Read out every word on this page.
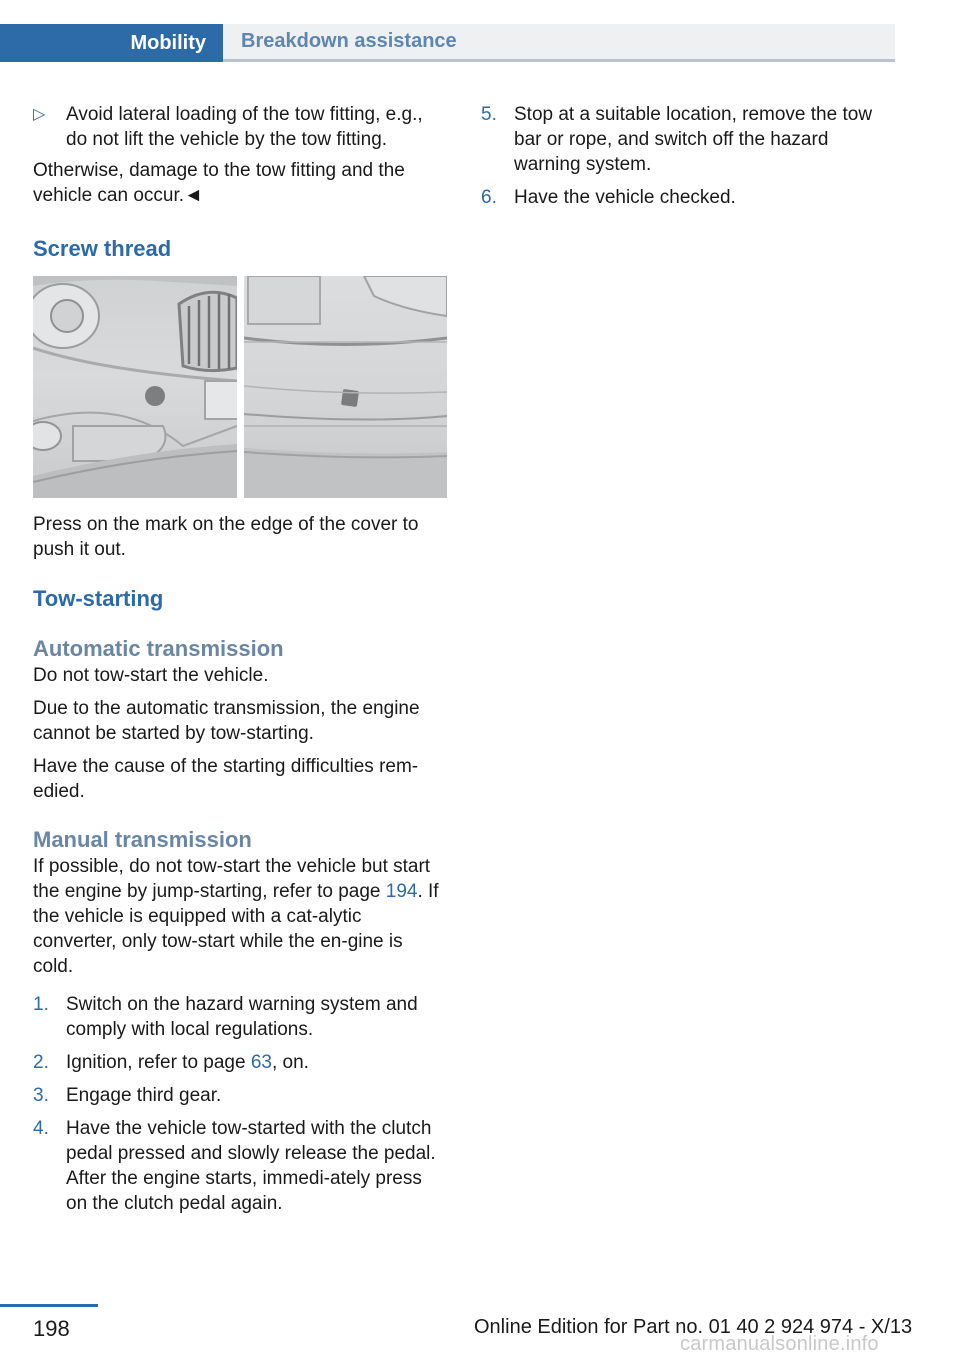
Mobility	Breakdown assistance
▷ Avoid lateral loading of the tow fitting, e.g., do not lift the vehicle by the tow fitting.

Otherwise, damage to the tow fitting and the vehicle can occur.◄

Screw thread

Press on the mark on the edge of the cover to push it out.

Tow-starting
Automatic transmission

Do not tow-start the vehicle.

Due to the automatic transmission, the engine cannot be started by tow-starting.

Have the cause of the starting difficulties rem‐edied.

Manual transmission

If possible, do not tow-start the vehicle but start the engine by jump-starting, refer to page 194. If the vehicle is equipped with a cat‐alytic converter, only tow-start while the en‐gine is cold.

1. Switch on the hazard warning system and comply with local regulations.

2. Ignition, refer to page 63, on.

3. Engage third gear.

4. Have the vehicle tow-started with the clutch pedal pressed and slowly release the pedal. After the engine starts, immedi‐ately press on the clutch pedal again.

5. Stop at a suitable location, remove the tow bar or rope, and switch off the hazard warning system.

6. Have the vehicle checked.

198	Online Edition for Part no. 01 40 2 924 974 - X/13
carmanualsonline.info
